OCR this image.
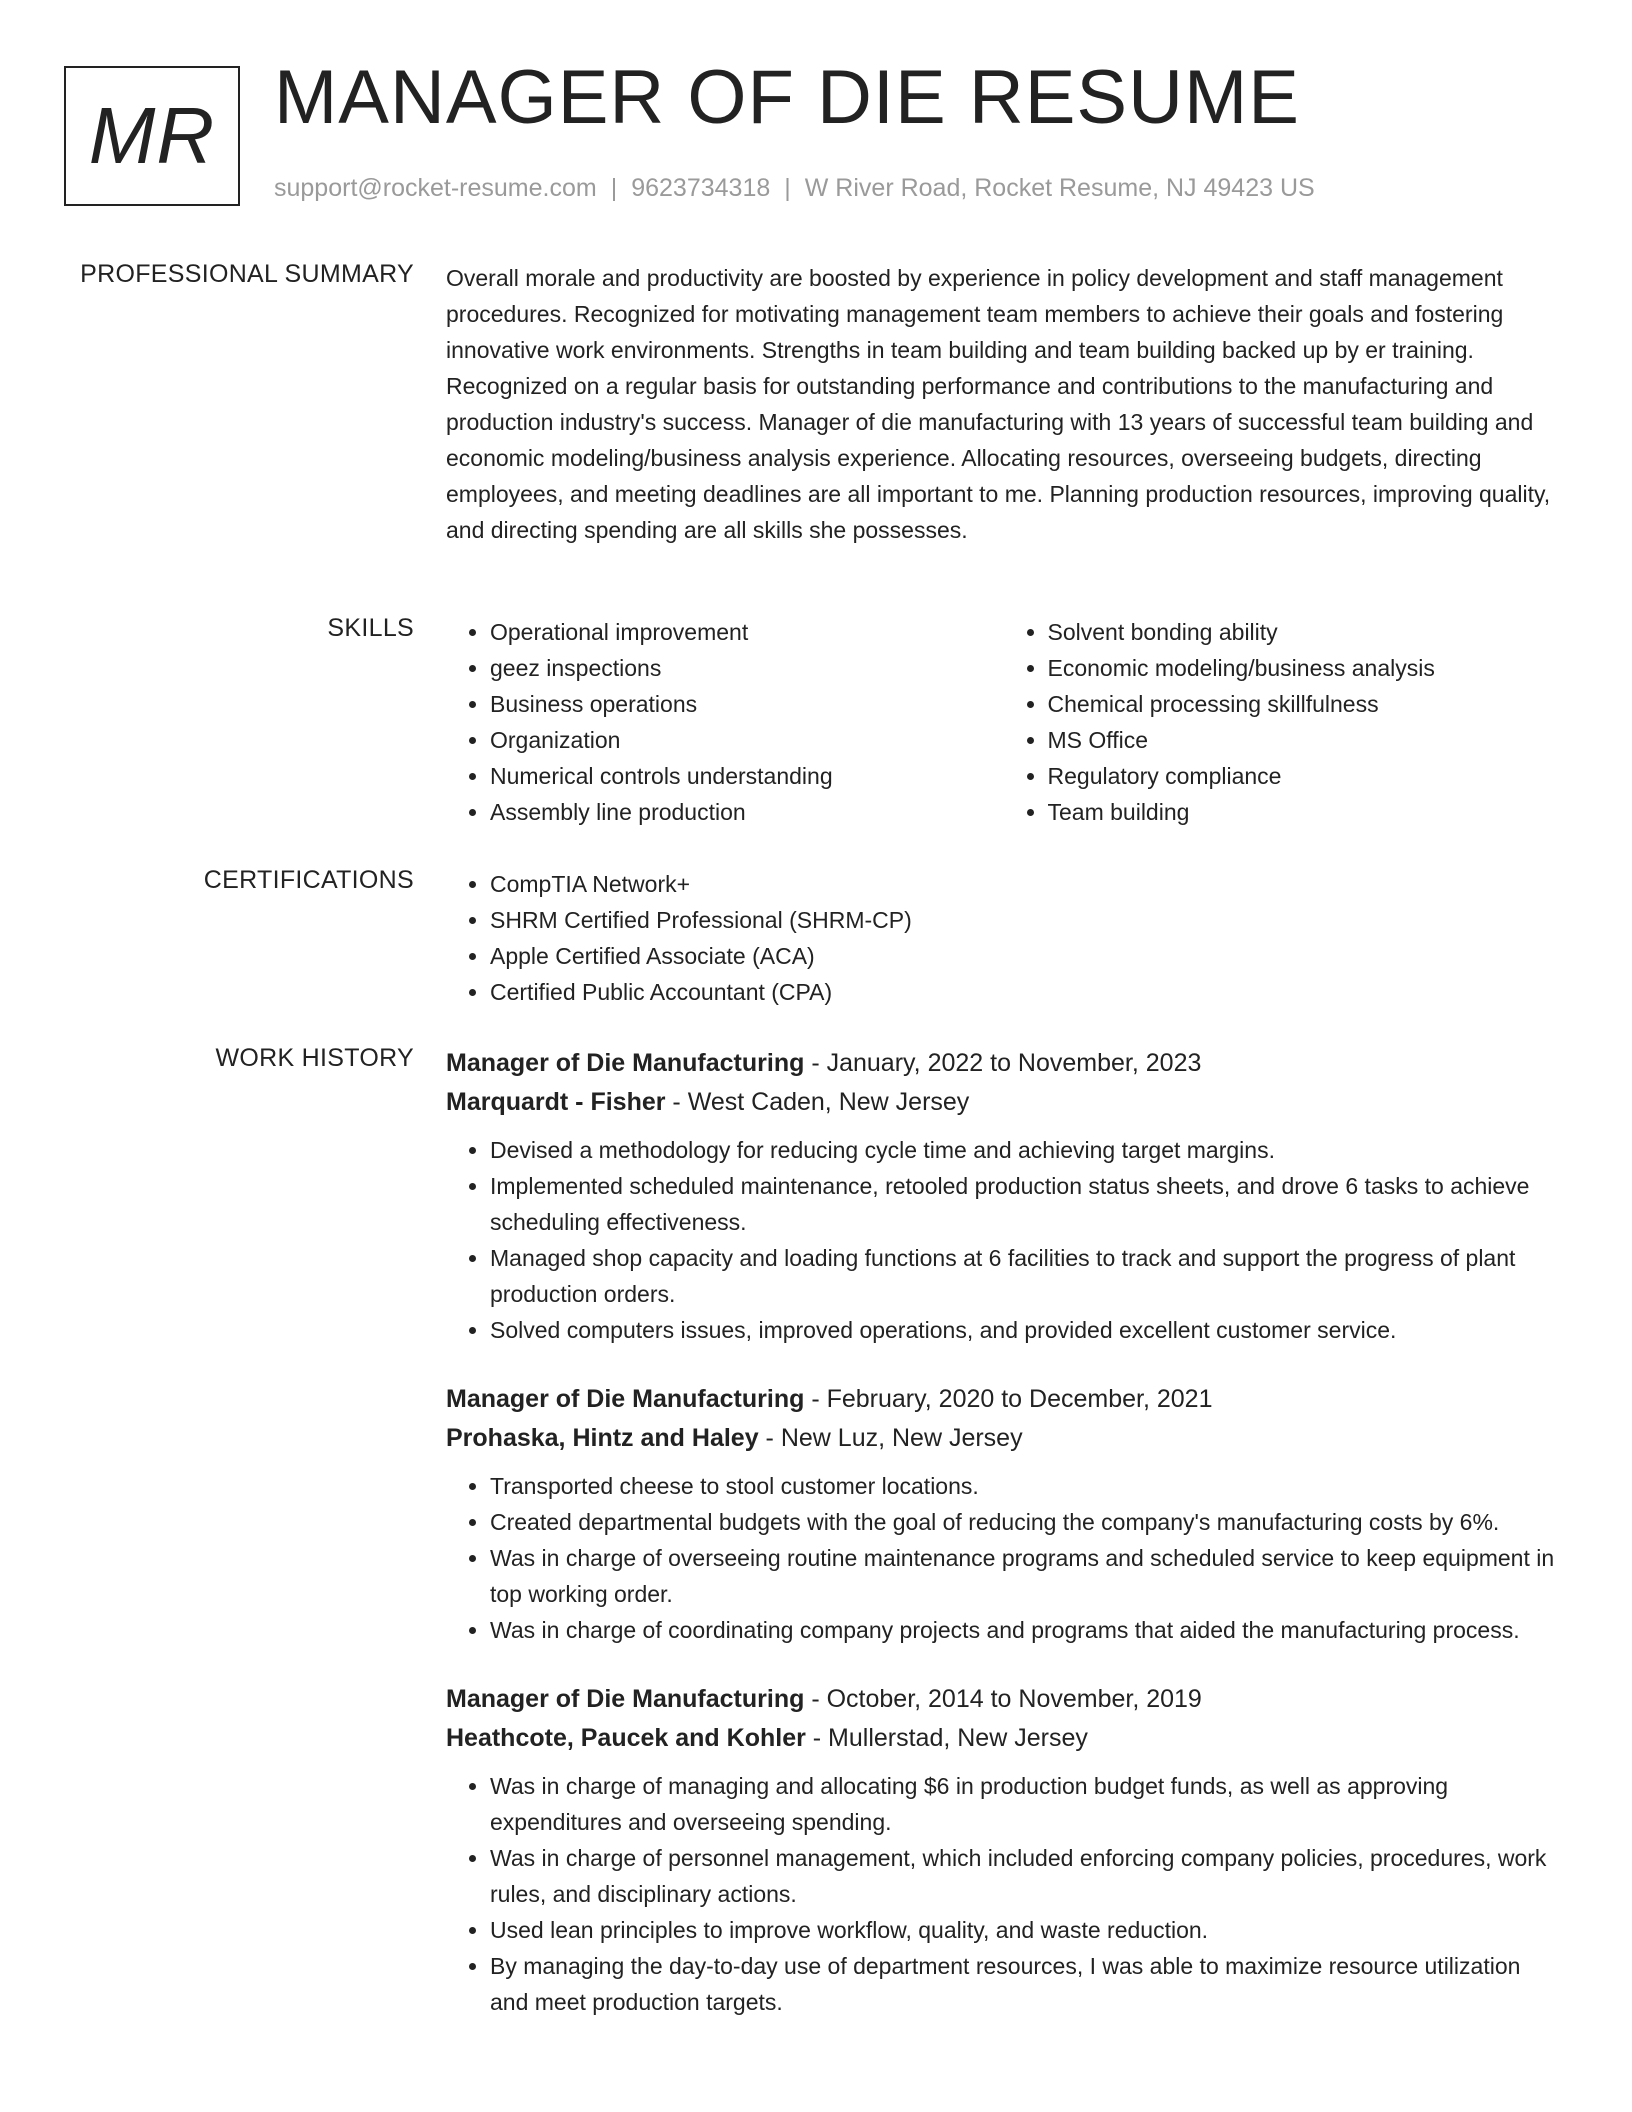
MR MANAGER OF DIE RESUME
support@rocket-resume.com | 9623734318 | W River Road, Rocket Resume, NJ 49423 US
PROFESSIONAL SUMMARY Overall morale and productivity are boosted by experience in policy development and staff management procedures. Recognized for motivating management team members to achieve their goals and fostering innovative work environments. Strengths in team building and team building backed up by er training. Recognized on a regular basis for outstanding performance and contributions to the manufacturing and production industry's success. Manager of die manufacturing with 13 years of successful team building and economic modeling/business analysis experience. Allocating resources, overseeing budgets, directing employees, and meeting deadlines are all important to me. Planning production resources, improving quality, and directing spending are all skills she possesses.

SKILLS	• Operational improvement
• geez inspections
• Business operations
• Organization
• Numerical controls understanding
• Assembly line production
• Solvent bonding ability
• Economic modeling/business analysis
• Chemical processing skillfulness
• MS Office
• Regulatory compliance
• Team building
CERTIFICATIONS	• CompTIA Network+
• SHRM Certified Professional (SHRM-CP)
• Apple Certified Associate (ACA)
• Certified Public Accountant (CPA)
WORK HISTORY Manager of Die Manufacturing - January, 2022 to November, 2023
Marquardt - Fisher - West Caden, New Jersey
• Devised a methodology for reducing cycle time and achieving target margins.
• Implemented scheduled maintenance, retooled production status sheets, and drove 6 tasks to achieve scheduling effectiveness.
• Managed shop capacity and loading functions at 6 facilities to track and support the progress of plant production orders.
• Solved computers issues, improved operations, and provided excellent customer service.
Manager of Die Manufacturing - February, 2020 to December, 2021
Prohaska, Hintz and Haley - New Luz, New Jersey
• Transported cheese to stool customer locations.
• Created departmental budgets with the goal of reducing the company's manufacturing costs by 6%.
• Was in charge of overseeing routine maintenance programs and scheduled service to keep equipment in top working order.
• Was in charge of coordinating company projects and programs that aided the manufacturing process.
Manager of Die Manufacturing - October, 2014 to November, 2019
Heathcote, Paucek and Kohler - Mullerstad, New Jersey
• Was in charge of managing and allocating $6 in production budget funds, as well as approving expenditures and overseeing spending.
• Was in charge of personnel management, which included enforcing company policies, procedures, work rules, and disciplinary actions.
• Used lean principles to improve workflow, quality, and waste reduction.
• By managing the day-to-day use of department resources, I was able to maximize resource utilization and meet production targets.
